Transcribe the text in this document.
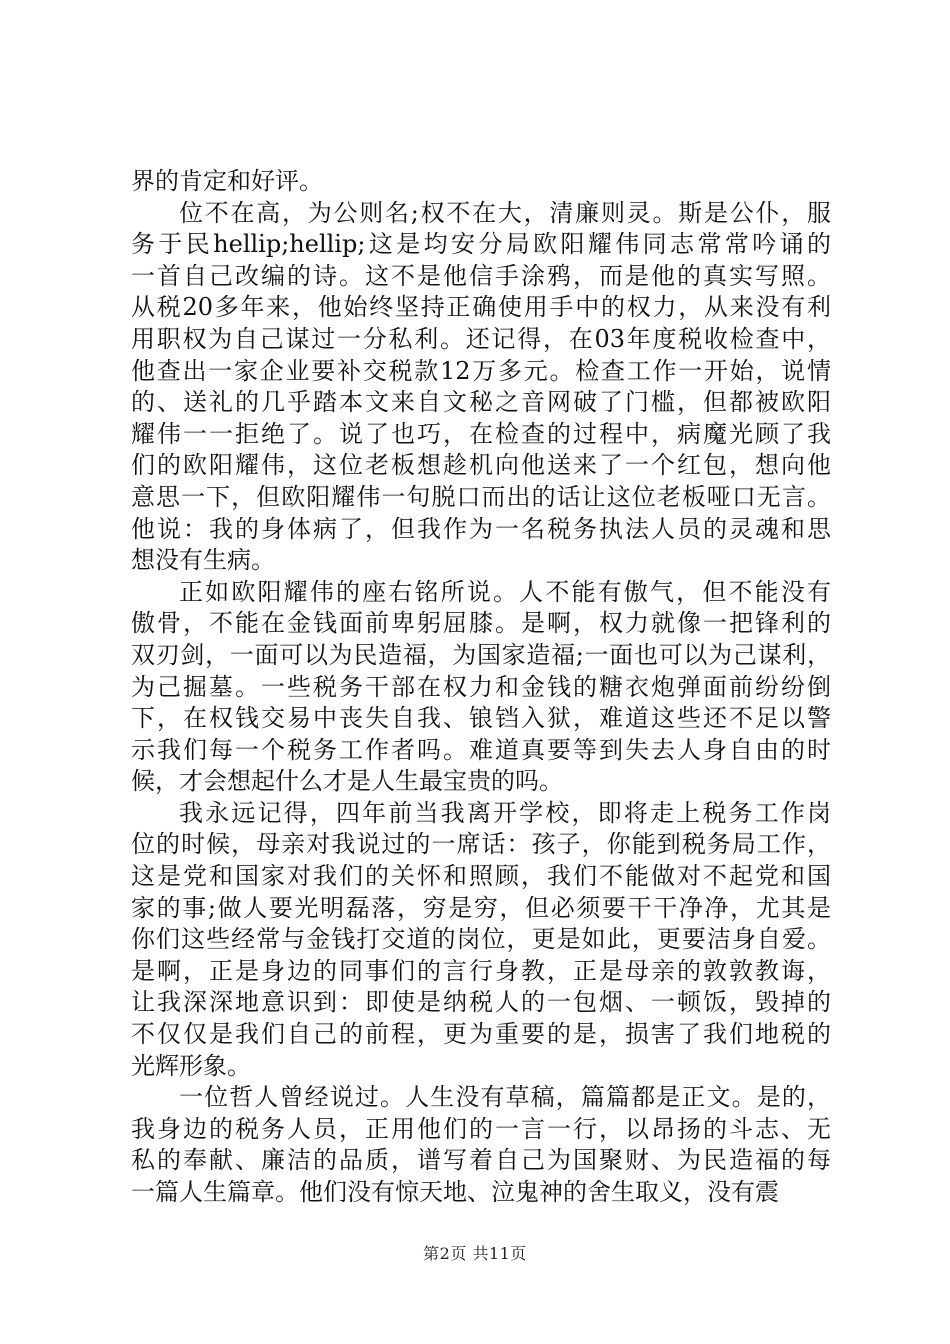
界的肯定和好评。
位不在高，为公则名;权不在大，清廉则灵。斯是公仆，服
务于民hellip;hellip;这是均安分局欧阳耀伟同志常常吟诵的
一首自己改编的诗。这不是他信手涂鸦，而是他的真实写照。
从税20多年来，他始终坚持正确使用手中的权力，从来没有利
用职权为自己谋过一分私利。还记得，在03年度税收检查中，
他查出一家企业要补交税款12万多元。检查工作一开始，说情
的、送礼的几乎踏本文来自文秘之音网破了门槛，但都被欧阳
耀伟一一拒绝了。说了也巧，在检查的过程中，病魔光顾了我
们的欧阳耀伟，这位老板想趁机向他送来了一个红包，想向他
意思一下，但欧阳耀伟一句脱口而出的话让这位老板哑口无言。
他说：我的身体病了，但我作为一名税务执法人员的灵魂和思
想没有生病。
正如欧阳耀伟的座右铭所说。人不能有傲气，但不能没有
傲骨，不能在金钱面前卑躬屈膝。是啊，权力就像一把锋利的
双刃剑，一面可以为民造福，为国家造福;一面也可以为己谋利，
为己掘墓。一些税务干部在权力和金钱的糖衣炮弹面前纷纷倒
下，在权钱交易中丧失自我、锒铛入狱，难道这些还不足以警
示我们每一个税务工作者吗。难道真要等到失去人身自由的时
候，才会想起什么才是人生最宝贵的吗。
我永远记得，四年前当我离开学校，即将走上税务工作岗
位的时候，母亲对我说过的一席话：孩子，你能到税务局工作，
这是党和国家对我们的关怀和照顾，我们不能做对不起党和国
家的事;做人要光明磊落，穷是穷，但必须要干干净净，尤其是
你们这些经常与金钱打交道的岗位，更是如此，更要洁身自爱。
是啊，正是身边的同事们的言行身教，正是母亲的敦敦教诲，
让我深深地意识到：即使是纳税人的一包烟、一顿饭，毁掉的
不仅仅是我们自己的前程，更为重要的是，损害了我们地税的
光辉形象。
一位哲人曾经说过。人生没有草稿，篇篇都是正文。是的，
我身边的税务人员，正用他们的一言一行，以昂扬的斗志、无
私的奉献、廉洁的品质，谱写着自己为国聚财、为民造福的每
一篇人生篇章。他们没有惊天地、泣鬼神的舍生取义，没有震
第2页 共11页
